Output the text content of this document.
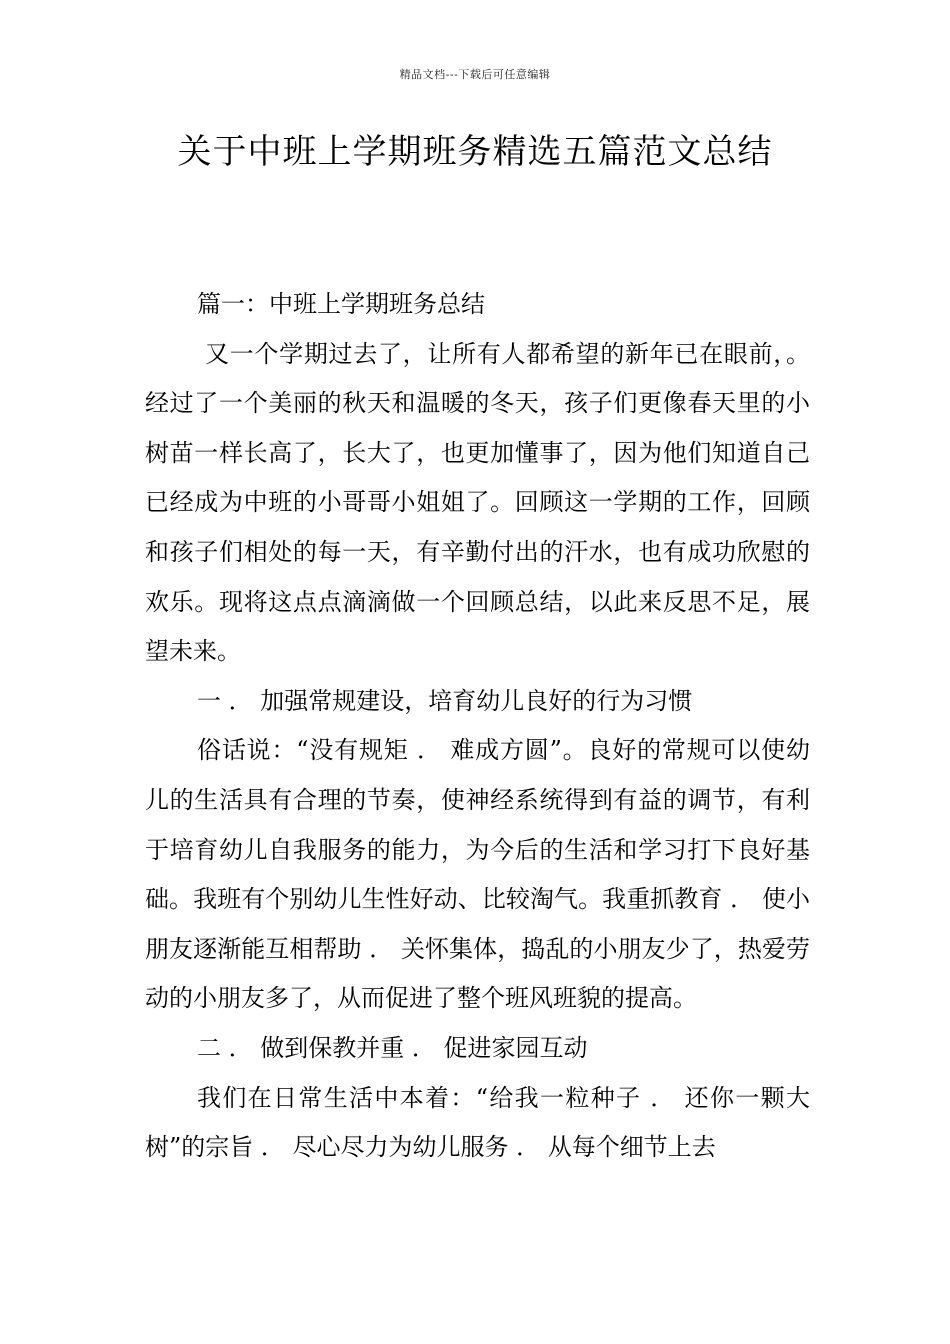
精品文档---下载后可任意编辑
关于中班上学期班务精选五篇范文总结

篇一：中班上学期班务总结

又一个学期过去了，让所有人都希望的新年已在眼前，。经过了一个美丽的秋天和温暖的冬天，孩子们更像春天里的小树苗一样长高了，长大了，也更加懂事了，因为他们知道自己已经成为中班的小哥哥小姐姐了。回顾这一学期的工作，回顾和孩子们相处的每一天，有辛勤付出的汗水，也有成功欣慰的欢乐。现将这点点滴滴做一个回顾总结，以此来反思不足，展望未来。

一 ． 加强常规建设，培育幼儿良好的行为习惯

俗话说：“没有规矩 ． 难成方圆”。良好的常规可以使幼儿的生活具有合理的节奏，使神经系统得到有益的调节，有利于培育幼儿自我服务的能力，为今后的生活和学习打下良好基础。我班有个别幼儿生性好动、比较淘气。我重抓教育 ． 使小朋友逐渐能互相帮助 ． 关怀集体，捣乱的小朋友少了，热爱劳动的小朋友多了，从而促进了整个班风班貌的提高。

二 ． 做到保教并重 ． 促进家园互动

我们在日常生活中本着：“给我一粒种子 ． 还你一颗大树”的宗旨 ． 尽心尽力为幼儿服务 ． 从每个细节上去
